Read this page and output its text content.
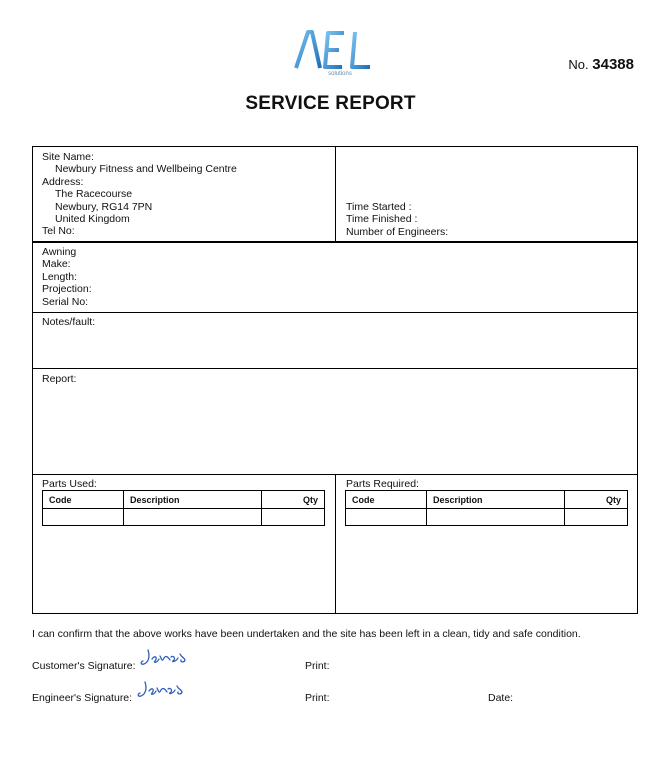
solutions
No. 34388
SERVICE REPORT
Site Name:
Newbury Fitness and Wellbeing Centre
Address:
The Racecourse
Newbury, RG14 7PN
United Kingdom
Tel No:
Time Started :
Time Finished :
Number of Engineers:
Awning
Make:
Length:
Projection:
Serial No:
Notes/fault:
Report:
Parts Used:
Code	Description	Qty

Parts Required:
Code	Description	Qty

I can confirm that the above works have been undertaken and the site has been left in a clean, tidy and safe condition.
Customer's Signature:	Print:
Engineer's Signature:	Print:	Date:
